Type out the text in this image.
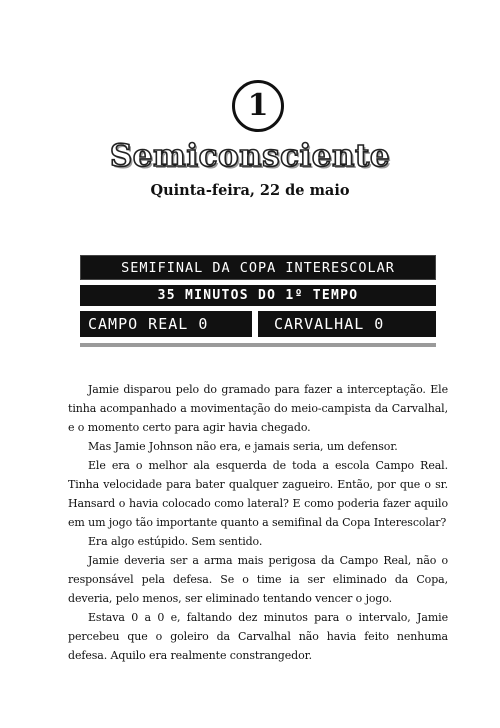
1
Semiconsciente
Quinta-feira, 22 de maio
SEMIFINAL DA COPA INTERESCOLAR
35 MINUTOS DO 1º TEMPO
CAMPO REAL 0	CARVALHAL 0

Jamie disparou pelo do gramado para fazer a interceptação. Ele tinha acompanhado a movimentação do meio-campista da Carvalhal, e o momento certo para agir havia chegado.

Mas Jamie Johnson não era, e jamais seria, um defensor.

Ele era o melhor ala esquerda de toda a escola Campo Real. Tinha velocidade para bater qualquer zagueiro. Então, por que o sr. Hansard o havia colocado como lateral? E como poderia fazer aquilo em um jogo tão importante quanto a semifinal da Copa Interescolar?

Era algo estúpido. Sem sentido.

Jamie deveria ser a arma mais perigosa da Campo Real, não o responsável pela defesa. Se o time ia ser eliminado da Copa, deveria, pelo menos, ser eliminado tentando vencer o jogo.

Estava 0 a 0 e, faltando dez minutos para o intervalo, Jamie percebeu que o goleiro da Carvalhal não havia feito nenhuma defesa. Aquilo era realmente constrangedor.
